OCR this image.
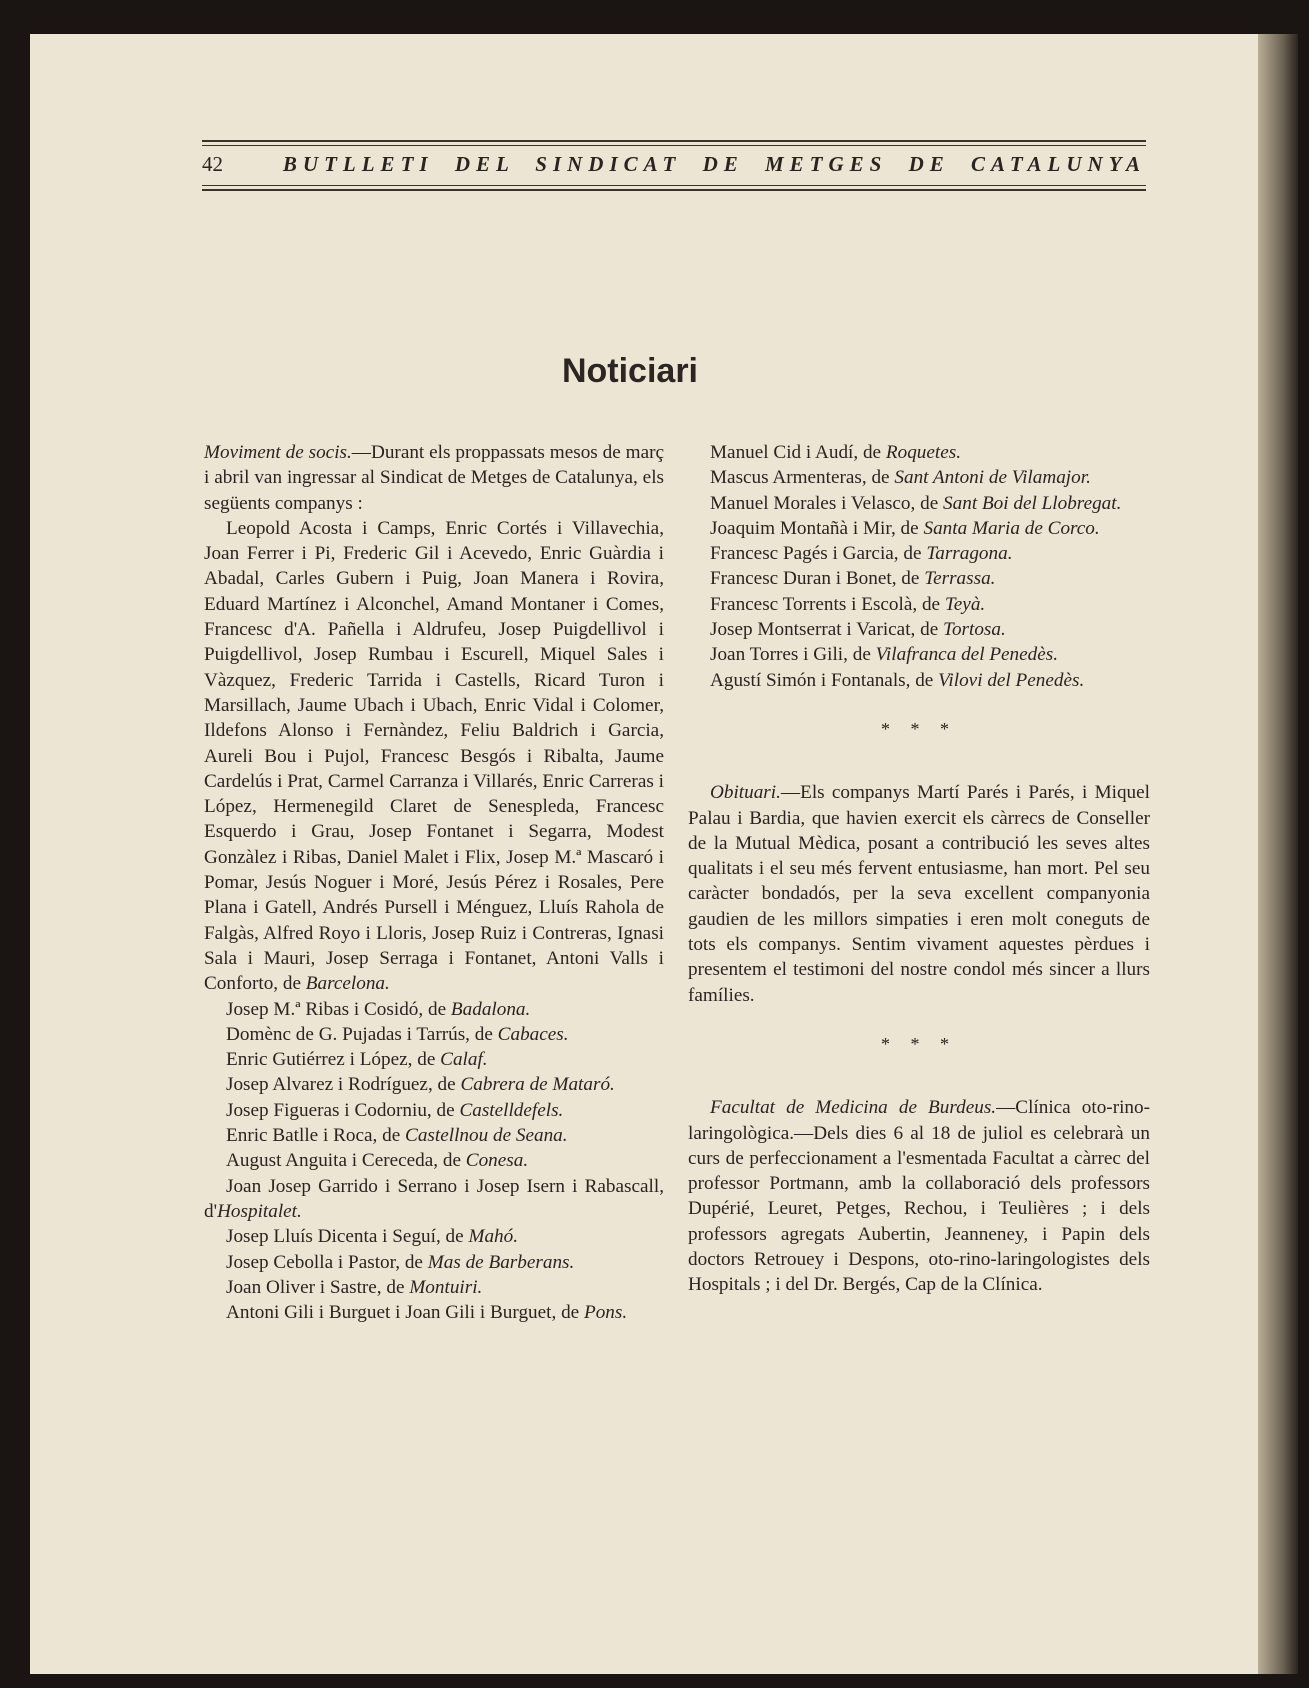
42	BUTLLETI DEL SINDICAT DE METGES DE CATALUNYA
Noticiari

Moviment de socis.—Durant els proppassats mesos de març i abril van ingressar al Sindicat de Metges de Catalunya, els següents companys :

Leopold Acosta i Camps, Enric Cortés i Villavechia, Joan Ferrer i Pi, Frederic Gil i Acevedo, Enric Guàrdia i Abadal, Carles Gubern i Puig, Joan Manera i Rovira, Eduard Martínez i Alconchel, Amand Montaner i Comes, Francesc d'A. Pañella i Aldrufeu, Josep Puigdellivol i Puigdellivol, Josep Rumbau i Escurell, Miquel Sales i Vàzquez, Frederic Tarrida i Castells, Ricard Turon i Marsillach, Jaume Ubach i Ubach, Enric Vidal i Colomer, Ildefons Alonso i Fernàndez, Feliu Baldrich i Garcia, Aureli Bou i Pujol, Francesc Besgós i Ribalta, Jaume Cardelús i Prat, Carmel Carranza i Villarés, Enric Carreras i López, Hermenegild Claret de Senespleda, Francesc Esquerdo i Grau, Josep Fontanet i Segarra, Modest Gonzàlez i Ribas, Daniel Malet i Flix, Josep M.ª Mascaró i Pomar, Jesús Noguer i Moré, Jesús Pérez i Rosales, Pere Plana i Gatell, Andrés Pursell i Ménguez, Lluís Rahola de Falgàs, Alfred Royo i Lloris, Josep Ruiz i Contreras, Ignasi Sala i Mauri, Josep Serraga i Fontanet, Antoni Valls i Conforto, de Barcelona.

Josep M.ª Ribas i Cosidó, de Badalona.

Domènc de G. Pujadas i Tarrús, de Cabaces.

Enric Gutiérrez i López, de Calaf.

Josep Alvarez i Rodríguez, de Cabrera de Mataró.

Josep Figueras i Codorniu, de Castelldefels.

Enric Batlle i Roca, de Castellnou de Seana.

August Anguita i Cereceda, de Conesa.

Joan Josep Garrido i Serrano i Josep Isern i Rabascall, d'Hospitalet.

Josep Lluís Dicenta i Seguí, de Mahó.

Josep Cebolla i Pastor, de Mas de Barberans.

Joan Oliver i Sastre, de Montuiri.

Antoni Gili i Burguet i Joan Gili i Burguet, de Pons.

Manuel Cid i Audí, de Roquetes.

Mascus Armenteras, de Sant Antoni de Vilamajor.

Manuel Morales i Velasco, de Sant Boi del Llobregat.

Joaquim Montañà i Mir, de Santa Maria de Corco.

Francesc Pagés i Garcia, de Tarragona.

Francesc Duran i Bonet, de Terrassa.

Francesc Torrents i Escolà, de Teyà.

Josep Montserrat i Varicat, de Tortosa.

Joan Torres i Gili, de Vilafranca del Penedès.

Agustí Simón i Fontanals, de Vilovi del Penedès.

* * *

Obituari.—Els companys Martí Parés i Parés, i Miquel Palau i Bardia, que havien exercit els càrrecs de Conseller de la Mutual Mèdica, posant a contribució les seves altes qualitats i el seu més fervent entusiasme, han mort. Pel seu caràcter bondadós, per la seva excellent companyonia gaudien de les millors simpaties i eren molt coneguts de tots els companys. Sentim vivament aquestes pèrdues i presentem el testimoni del nostre condol més sincer a llurs famílies.

* * *

Facultat de Medicina de Burdeus.—Clínica oto-rino-laringològica.—Dels dies 6 al 18 de juliol es celebrarà un curs de perfeccionament a l'esmentada Facultat a càrrec del professor Portmann, amb la collaboració dels professors Dupérié, Leuret, Petges, Rechou, i Teulières ; i dels professors agregats Aubertin, Jeanneney, i Papin dels doctors Retrouey i Despons, oto-rino-laringologistes dels Hospitals ; i del Dr. Bergés, Cap de la Clínica.
